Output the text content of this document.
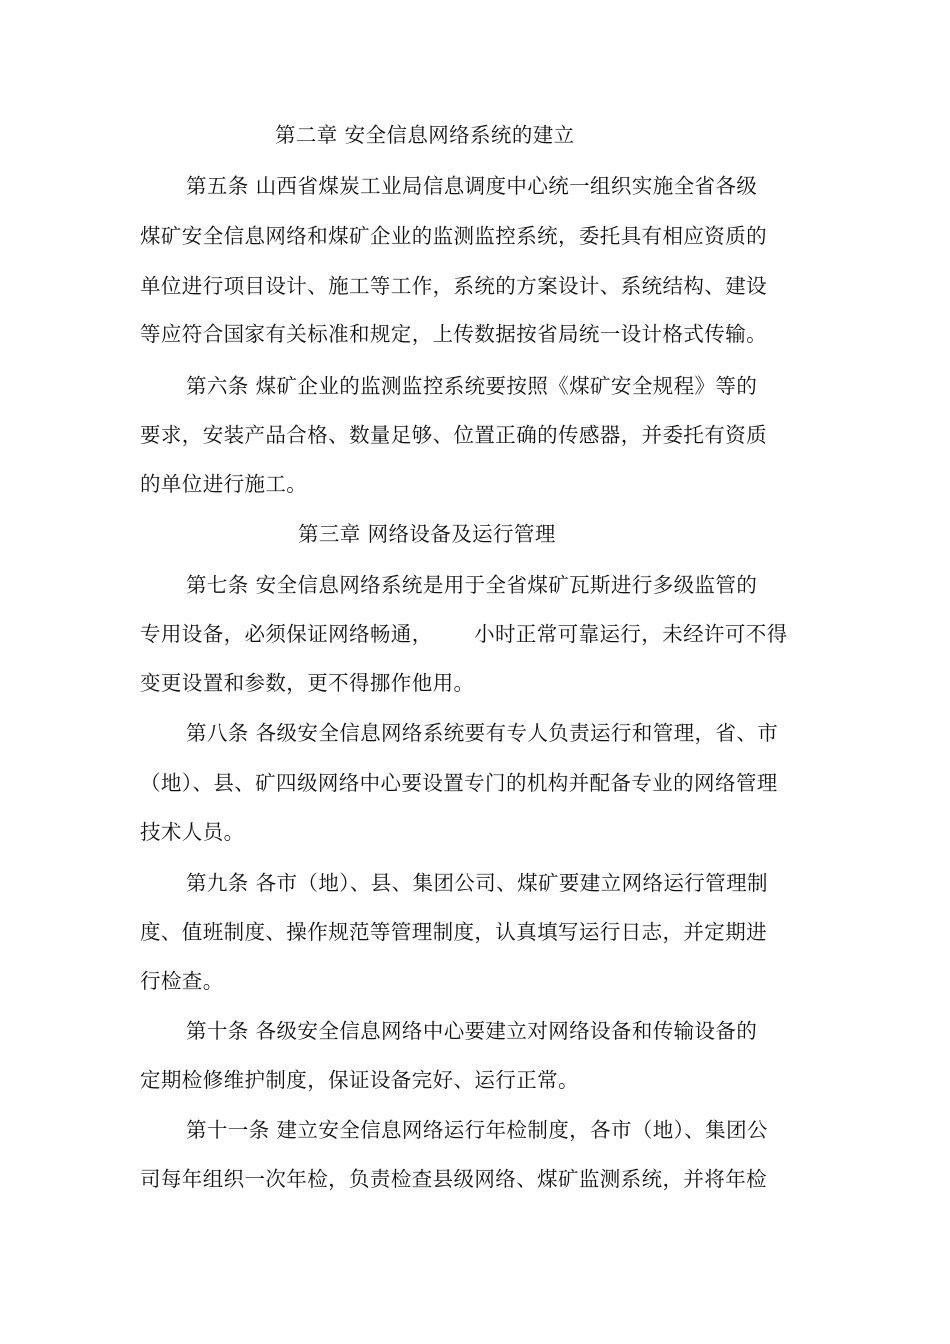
第二章 安全信息网络系统的建立
第五条 山西省煤炭工业局信息调度中心统一组织实施全省各级
煤矿安全信息网络和煤矿企业的监测监控系统，委托具有相应资质的
单位进行项目设计、施工等工作，系统的方案设计、系统结构、建设
等应符合国家有关标准和规定，上传数据按省局统一设计格式传输。
第六条 煤矿企业的监测监控系统要按照《煤矿安全规程》等的
要求，安装产品合格、数量足够、位置正确的传感器，并委托有资质
的单位进行施工。
第三章 网络设备及运行管理
第七条 安全信息网络系统是用于全省煤矿瓦斯进行多级监管的
专用设备，必须保证网络畅通，      小时正常可靠运行，未经许可不得
变更设置和参数，更不得挪作他用。
第八条 各级安全信息网络系统要有专人负责运行和管理，省、市
（地）、县、矿四级网络中心要设置专门的机构并配备专业的网络管理
技术人员。
第九条 各市（地）、县、集团公司、煤矿要建立网络运行管理制
度、值班制度、操作规范等管理制度，认真填写运行日志，并定期进
行检查。
第十条 各级安全信息网络中心要建立对网络设备和传输设备的
定期检修维护制度，保证设备完好、运行正常。
第十一条 建立安全信息网络运行年检制度，各市（地）、集团公
司每年组织一次年检，负责检查县级网络、煤矿监测系统，并将年检
